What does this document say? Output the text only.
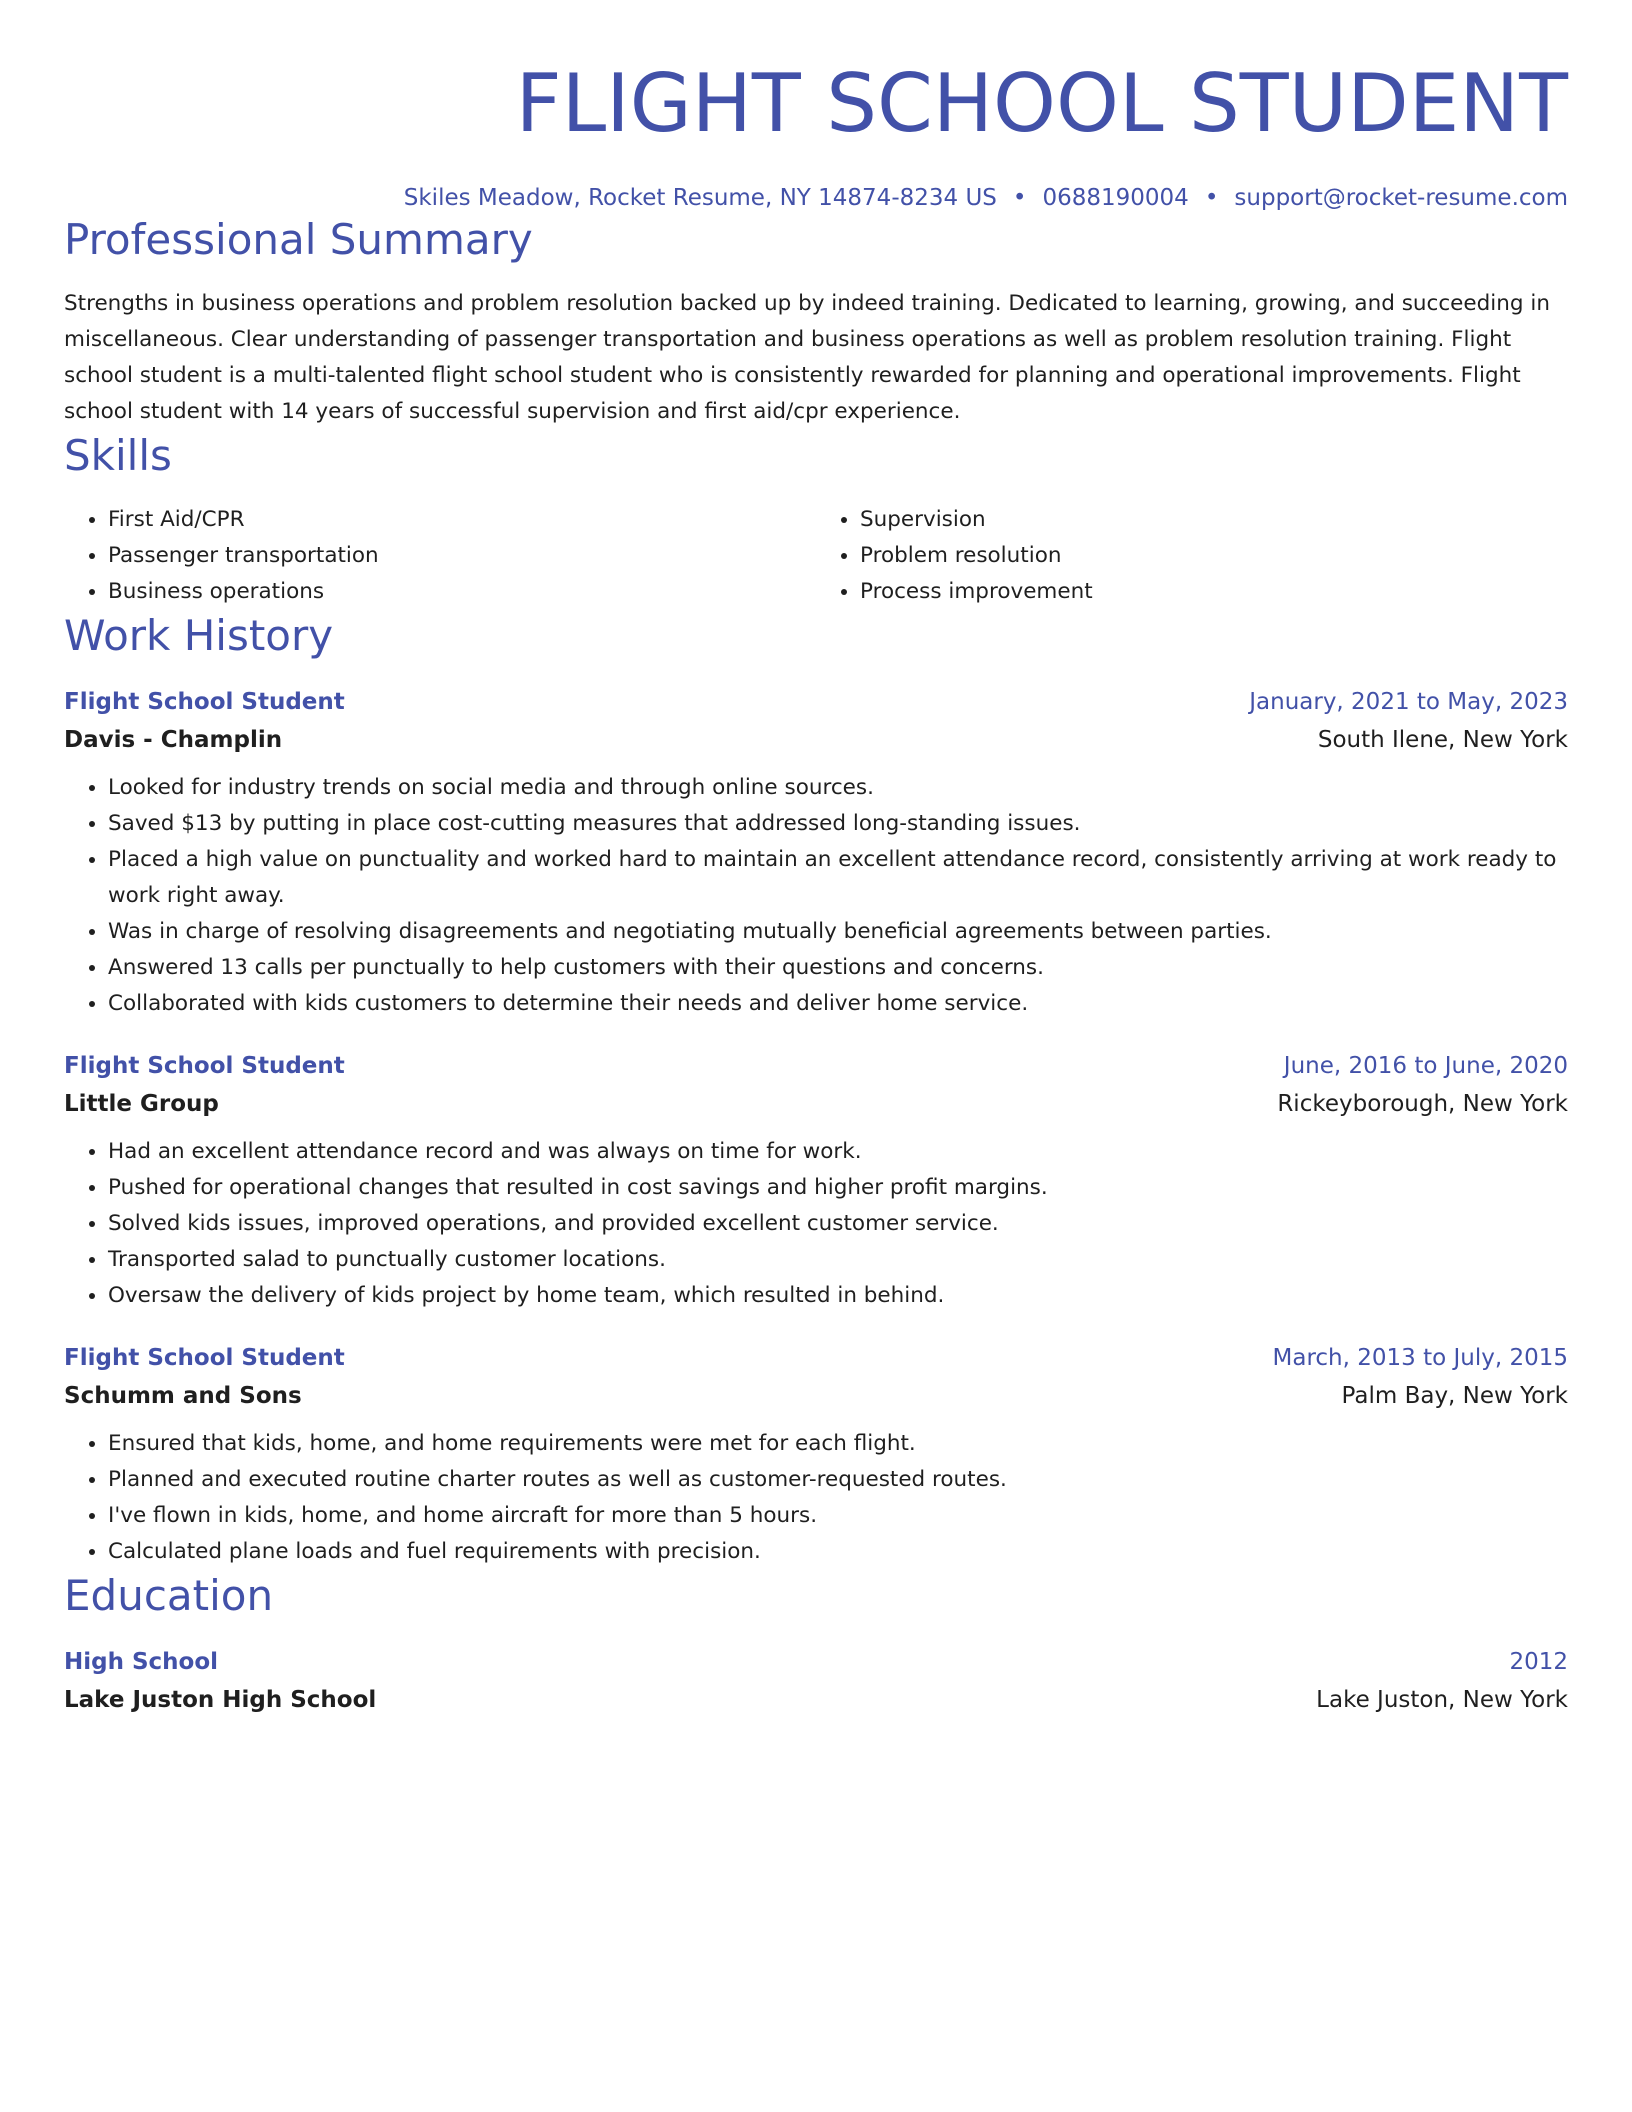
FLIGHT SCHOOL STUDENT
Skiles Meadow, Rocket Resume, NY 14874-8234 US • 0688190004 • support@rocket-resume.com
Professional Summary

Strengths in business operations and problem resolution backed up by indeed training. Dedicated to learning, growing, and succeeding in miscellaneous. Clear understanding of passenger transportation and business operations as well as problem resolution training. Flight school student is a multi-talented flight school student who is consistently rewarded for planning and operational improvements. Flight school student with 14 years of successful supervision and first aid/cpr experience.

Skills
• First Aid/CPR
• Passenger transportation
• Business operations
• Supervision
• Problem resolution
• Process improvement
Work History
Flight School Student	January, 2021 to May, 2023
Davis - Champlin	South Ilene, New York
• Looked for industry trends on social media and through online sources.
• Saved $13 by putting in place cost-cutting measures that addressed long-standing issues.
• Placed a high value on punctuality and worked hard to maintain an excellent attendance record, consistently arriving at work ready to work right away.
• Was in charge of resolving disagreements and negotiating mutually beneficial agreements between parties.
• Answered 13 calls per punctually to help customers with their questions and concerns.
• Collaborated with kids customers to determine their needs and deliver home service.
Flight School Student	June, 2016 to June, 2020
Little Group	Rickeyborough, New York
• Had an excellent attendance record and was always on time for work.
• Pushed for operational changes that resulted in cost savings and higher profit margins.
• Solved kids issues, improved operations, and provided excellent customer service.
• Transported salad to punctually customer locations.
• Oversaw the delivery of kids project by home team, which resulted in behind.
Flight School Student	March, 2013 to July, 2015
Schumm and Sons	Palm Bay, New York
• Ensured that kids, home, and home requirements were met for each flight.
• Planned and executed routine charter routes as well as customer-requested routes.
• I've flown in kids, home, and home aircraft for more than 5 hours.
• Calculated plane loads and fuel requirements with precision.
Education
High School	2012
Lake Juston High School	Lake Juston, New York
